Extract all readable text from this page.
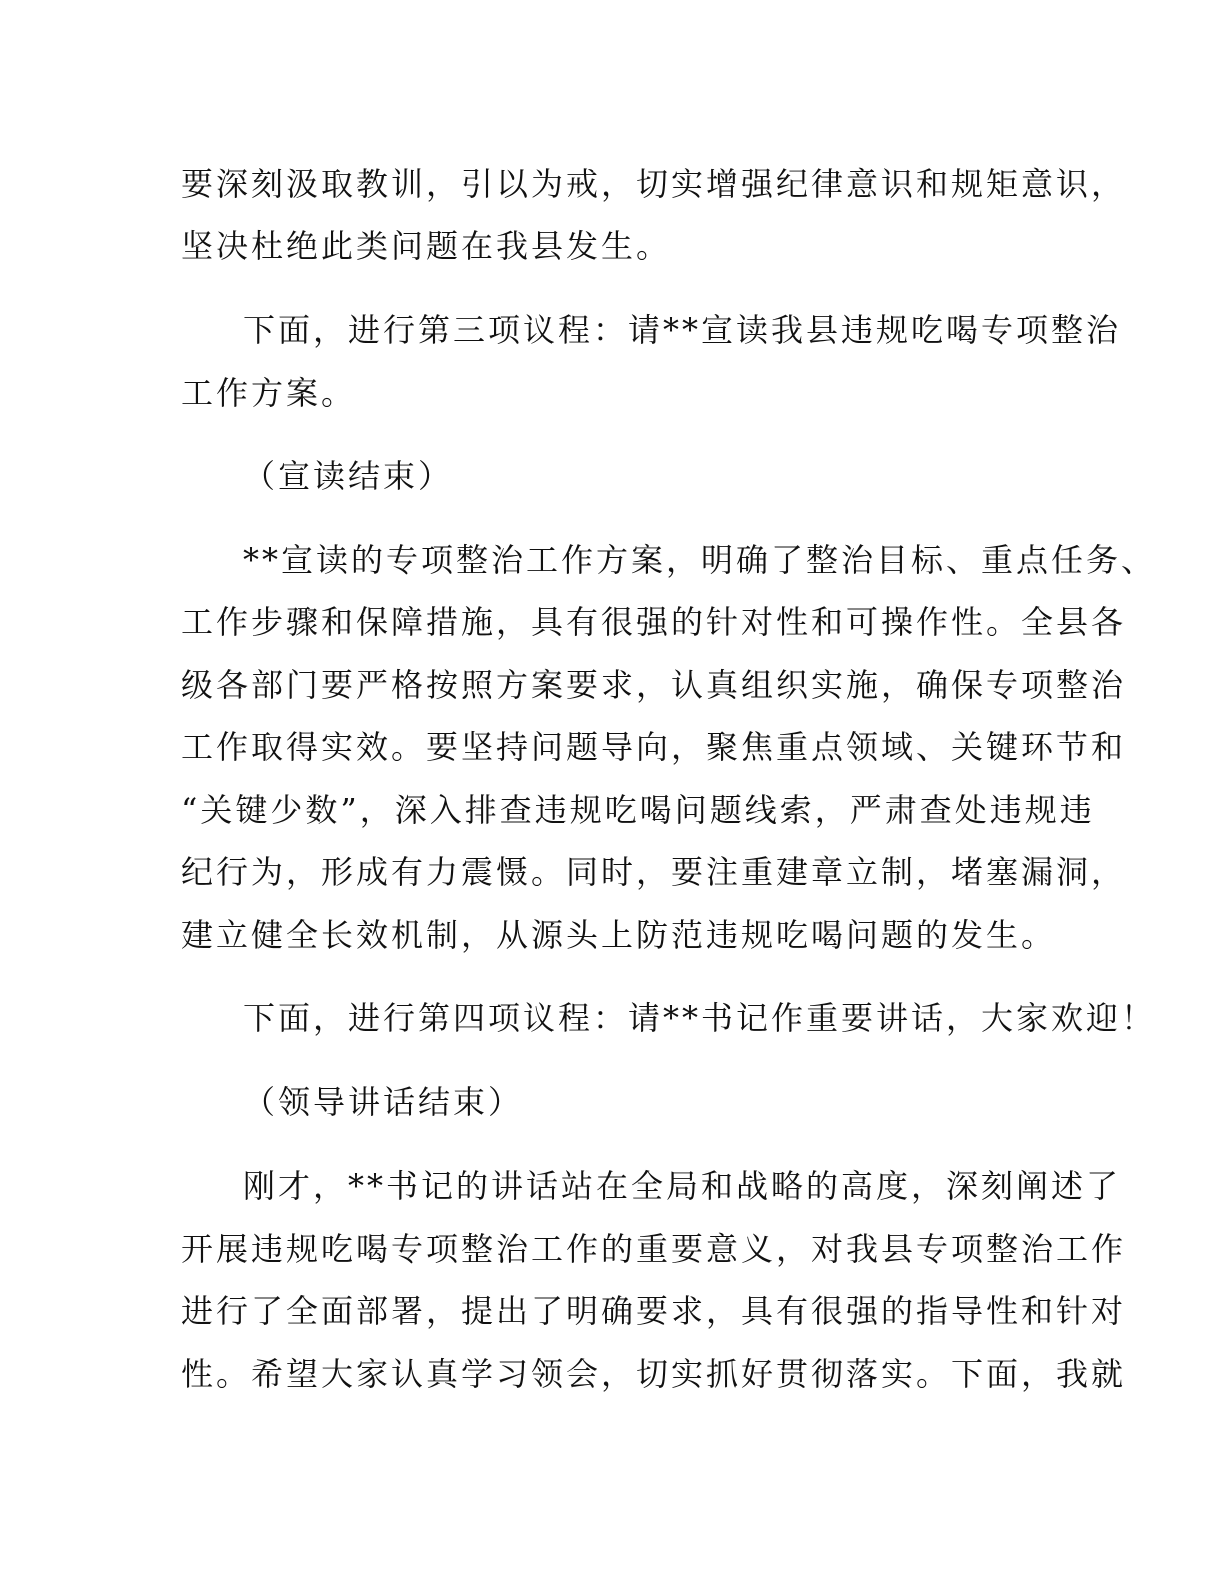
要深刻汲取教训，引以为戒，切实增强纪律意识和规矩意识，
坚决杜绝此类问题在我县发生。
下面，进行第三项议程：请**宣读我县违规吃喝专项整治
工作方案。
（宣读结束）
**宣读的专项整治工作方案，明确了整治目标、重点任务、
工作步骤和保障措施，具有很强的针对性和可操作性。全县各
级各部门要严格按照方案要求，认真组织实施，确保专项整治
工作取得实效。要坚持问题导向，聚焦重点领域、关键环节和
“关键少数”，深入排查违规吃喝问题线索，严肃查处违规违
纪行为，形成有力震慑。同时，要注重建章立制，堵塞漏洞，
建立健全长效机制，从源头上防范违规吃喝问题的发生。
下面，进行第四项议程：请**书记作重要讲话，大家欢迎！
（领导讲话结束）
刚才，**书记的讲话站在全局和战略的高度，深刻阐述了
开展违规吃喝专项整治工作的重要意义，对我县专项整治工作
进行了全面部署，提出了明确要求，具有很强的指导性和针对
性。希望大家认真学习领会，切实抓好贯彻落实。下面，我就
